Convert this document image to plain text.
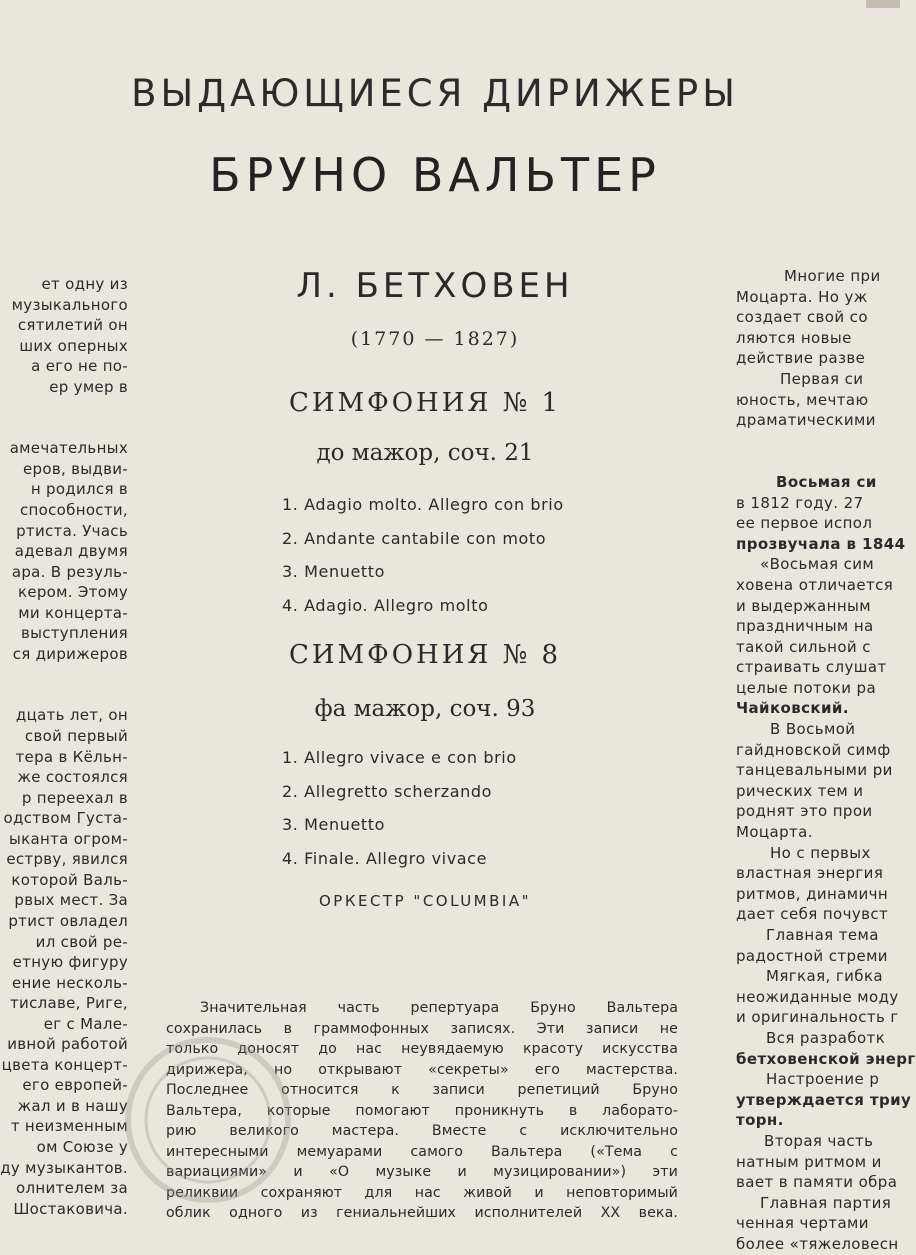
ВЫДАЮЩИЕСЯ ДИРИЖЕРЫ
БРУНО ВАЛЬТЕР
Л. БЕТХОВЕН
(1770 — 1827)
СИМФОНИЯ № 1
до мажор, соч. 21
1. Adagio molto. Allegro con brio
2. Andante cantabile con moto
3. Menuetto
4. Adagio. Allegro molto
СИМФОНИЯ № 8
фа мажор, соч. 93
1. Allegro vivace e con brio
2. Allegretto scherzando
3. Menuetto
4. Finale. Allegro vivace
ОРКЕСТР "COLUMBIA"
ет одну из
музыкального
сятилетий он
ших оперных
а его не по-
ер умер в
амечательных
еров, выдви-
н родился в
способности,
ртиста. Учась
адевал двумя
ара. В резуль-
кером. Этому
ми концерта-
выступления
ся дирижеров
дцать лет, он
свой первый
тера в Кёльн-
же состоялся
р переехал в
одством Густа-
ыканта огром-
естрву, явился
которой Валь-
рвых мест. За
ртист овладел
ил свой ре-
етную фигуру
ение несколь-
тиславе, Риге,
ег с Мале-
ивной работой
цвета концерт-
его европей-
жал и в нашу
т неизменным
ом Союзе у
ду музыкантов.
олнителем за
Шостаковича.
Многие при
Моцарта. Но уж
создает свой со
ляются новые
действие разве
Первая си
юность, мечтаю
драматическими
Восьмая си
в 1812 году. 27
ее первое испол
прозвучала в 1844
«Восьмая сим
ховена отличается
и выдержанным
праздничным на
такой сильной с
страивать слушат
целые потоки ра
Чайковский.
В Восьмой
гайдновской симф
танцевальными ри
рических тем и
роднят это прои
Моцарта.
Но с первых
властная энергия
ритмов, динамичн
дает себя почувст
Главная тема
радостной стреми
Мягкая, гибка
неожиданные моду
и оригинальность г
Вся разработк
бетховенской энерг
Настроение р
утверждается триу
торн.
Вторая часть
натным ритмом и
вает в памяти обра
Главная партия
ченная чертами
более «тяжеловесн
Значительная часть репертуара Бруно Вальтера
сохранилась в граммофонных записях. Эти записи не
только доносят до нас неувядаемую красоту искусства
дирижера, но открывают «секреты» его мастерства.
Последнее относится к записи репетиций Бруно
Вальтера, которые помогают проникнуть в лаборато-
рию великого мастера. Вместе с исключительно
интересными мемуарами самого Вальтера («Тема с
вариациями» и «О музыке и музицировании») эти
реликвии сохраняют для нас живой и неповторимый
облик одного из гениальнейших исполнителей XX века.
